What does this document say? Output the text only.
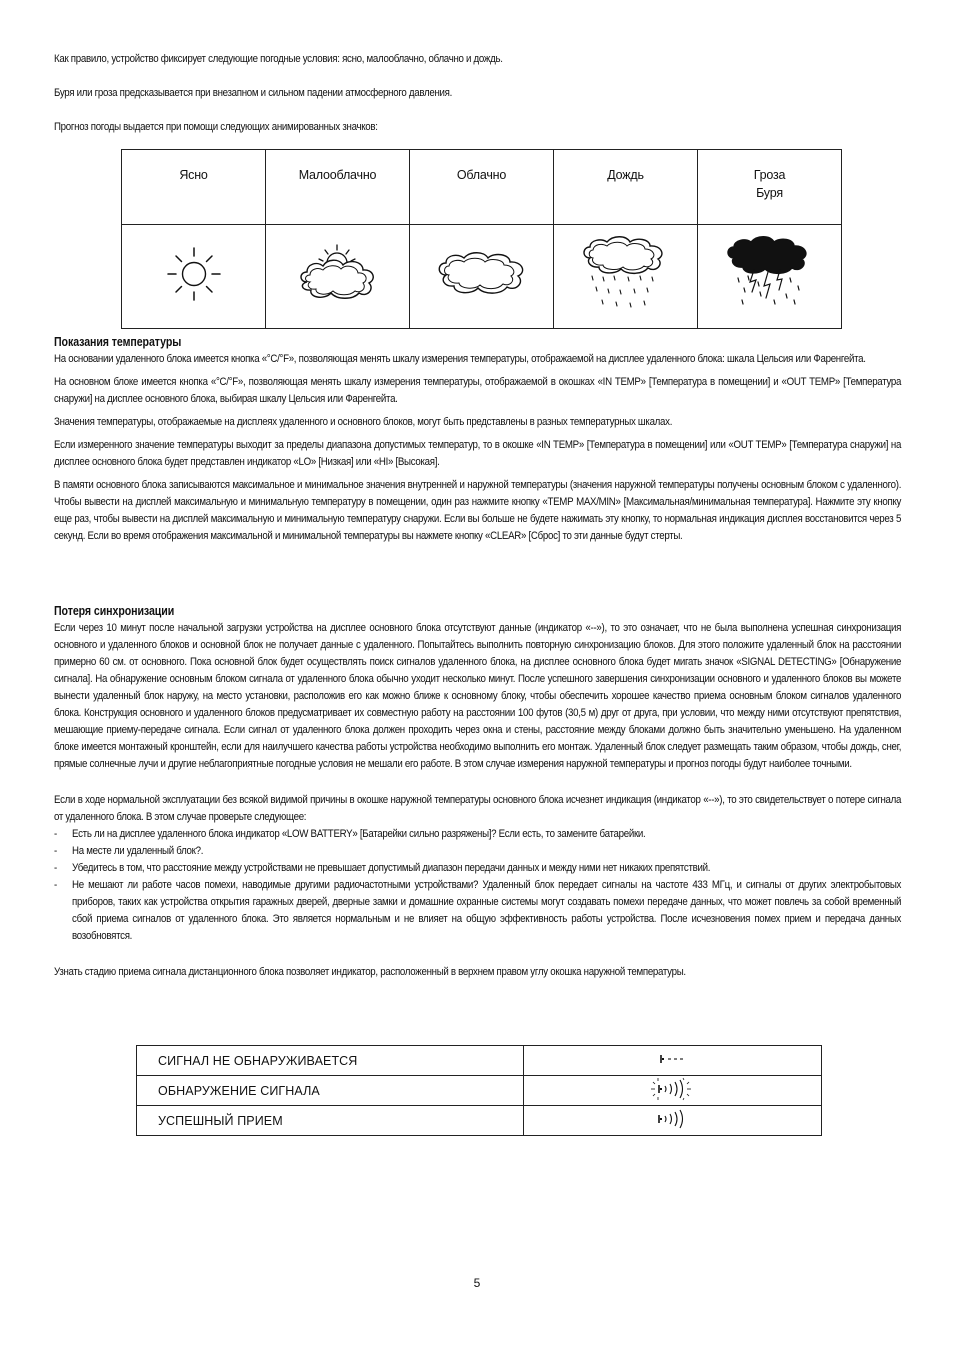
Как правило, устройство фиксирует следующие погодные условия: ясно, малооблачно, облачно и дождь.
Буря или гроза предсказывается при внезапном и сильном падении атмосферного давления.
Прогноз погоды выдается при помощи следующих анимированных значков:
Ясно	Малооблачно	Облачно	Дождь	Гроза
Буря

Показания температуры

На основании удаленного блока имеется кнопка «°С/°F», позволяющая менять шкалу измерения температуры, отображаемой на дисплее удаленного блока: шкала Цельсия или Фаренгейта.

На основном блоке имеется кнопка «°С/°F», позволяющая менять шкалу измерения температуры, отображаемой в окошках «IN TEMP» [Температура в помещении] и «OUT TEMP» [Температура снаружи] на дисплее основного блока, выбирая шкалу Цельсия или Фаренгейта.

Значения температуры, отображаемые на дисплеях удаленного и основного блоков, могут быть представлены в разных температурных шкалах.

Если измеренного значение температуры выходит за пределы диапазона допустимых температур, то в окошке «IN TEMP» [Температура в помещении] или «OUT TEMP» [Температура снаружи] на дисплее основного блока будет представлен индикатор «LO» [Низкая] или «HI» [Высокая].

В памяти основного блока записываются максимальное и минимальное значения внутренней и наружной температуры (значения наружной температуры получены основным блоком с удаленного). Чтобы вывести на дисплей максимальную и минимальную температуру в помещении, один раз нажмите кнопку «TEMP MAX/MIN» [Максимальная/минимальная температура]. Нажмите эту кнопку еще раз, чтобы вывести на дисплей максимальную и минимальную температуру снаружи. Если вы больше не будете нажимать эту кнопку, то нормальная индикация дисплея восстановится через 5 секунд. Если во время отображения максимальной и минимальной температуры вы нажмете кнопку «CLEAR» [Сброс] то эти данные будут стерты.

Потеря синхронизации

Если через 10 минут после начальной загрузки устройства на дисплее основного блока отсутствуют данные (индикатор «--»), то это означает, что не была выполнена успешная синхронизация основного и удаленного блоков и основной блок не получает данные с удаленного. Попытайтесь выполнить повторную синхронизацию блоков. Для этого положите удаленный блок на расстоянии примерно 60 см. от основного. Пока основной блок будет осуществлять поиск сигналов удаленного блока, на дисплее основного блока будет мигать значок «SIGNAL DETECTING» [Обнаружение сигнала]. На обнаружение основным блоком сигнала от удаленного блока обычно уходит несколько минут. После успешного завершения синхронизации основного и удаленного блоков вы можете вынести удаленный блок наружу, на место установки, расположив его как можно ближе к основному блоку, чтобы обеспечить хорошее качество приема основным блоком сигналов удаленного блока. Конструкция основного и удаленного блоков предусматривает их совместную работу на расстоянии 100 футов (30,5 м) друг от друга, при условии, что между ними отсутствуют препятствия, мешающие приему-передаче сигнала. Если сигнал от удаленного блока должен проходить через окна и стены, расстояние между блоками должно быть значительно уменьшено. На удаленном блоке имеется монтажный кронштейн, если для наилучшего качества работы устройства необходимо выполнить его монтаж. Удаленный блок следует размещать таким образом, чтобы дождь, снег, прямые солнечные лучи и другие неблагоприятные погодные условия не мешали его работе. В этом случае измерения наружной температуры и прогноз погоды будут наиболее точными.

Если в ходе нормальной эксплуатации без всякой видимой причины в окошке наружной температуры основного блока исчезнет индикация (индикатор «--»), то это свидетельствует о потере сигнала от удаленного блока. В этом случае проверьте следующее:

- Есть ли на дисплее удаленного блока индикатор «LOW BATTERY» [Батарейки сильно разряжены]? Если есть, то замените батарейки.
- На месте ли удаленный блок?.
- Убедитесь в том, что расстояние между устройствами не превышает допустимый диапазон передачи данных и между ними нет никаких препятствий.
- Не мешают ли работе часов помехи, наводимые другими радиочастотными устройствами? Удаленный блок передает сигналы на частоте 433 МГц, и сигналы от других электробытовых приборов, таких как устройства открытия гаражных дверей, дверные замки и домашние охранные системы могут создавать помехи передаче данных, что может повлечь за собой временный сбой приема сигналов от удаленного блока. Это является нормальным и не влияет на общую эффективность работы устройства. После исчезновения помех прием и передача данных возобновятся.

Узнать стадию приема сигнала дистанционного блока позволяет индикатор, расположенный в верхнем правом углу окошка наружной температуры.

СИГНАЛ НЕ ОБНАРУЖИВАЕТСЯ	
ОБНАРУЖЕНИЕ СИГНАЛА	
УСПЕШНЫЙ ПРИЕМ	
5
